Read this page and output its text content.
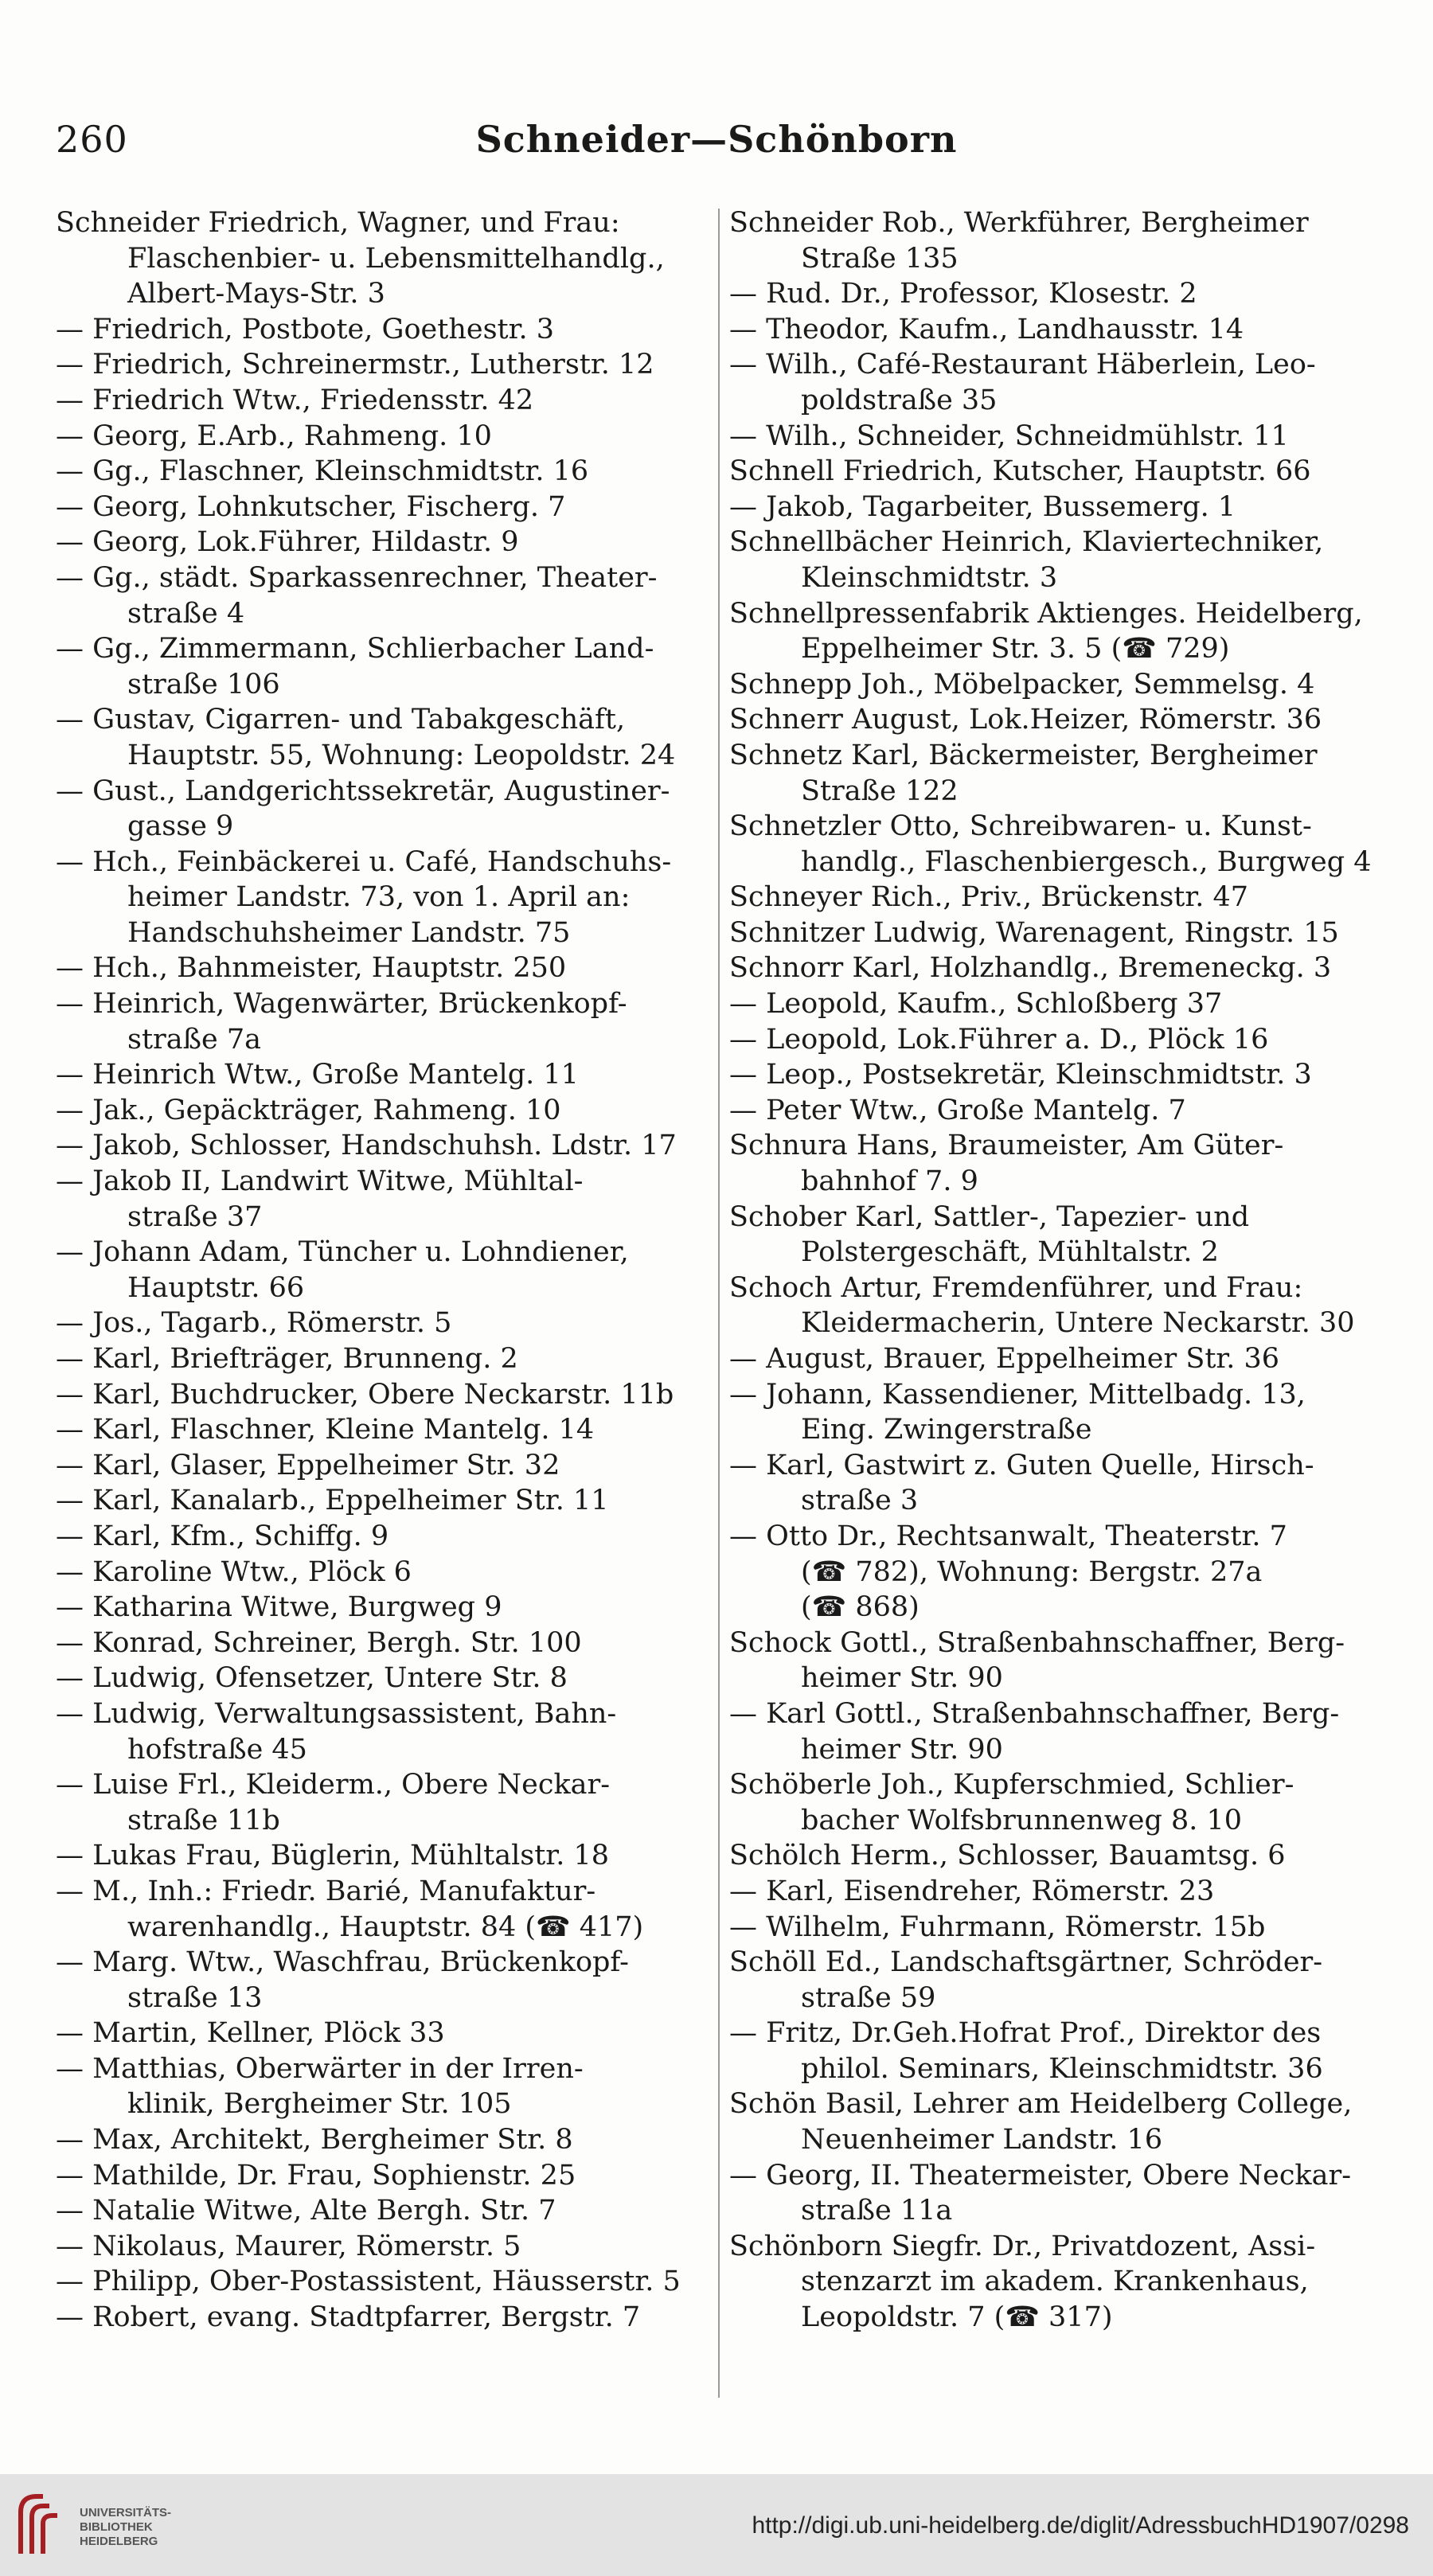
260	Schneider—Schönborn
Schneider Friedrich, Wagner, und Frau:
Flaschenbier- u. Lebensmittelhandlg.,
Albert-Mays-Str. 3
— Friedrich, Postbote, Goethestr. 3
— Friedrich, Schreinermstr., Lutherstr. 12
— Friedrich Wtw., Friedensstr. 42
— Georg, E.Arb., Rahmeng. 10
— Gg., Flaschner, Kleinschmidtstr. 16
— Georg, Lohnkutscher, Fischerg. 7
— Georg, Lok.Führer, Hildastr. 9
— Gg., städt. Sparkassenrechner, Theater-
straße 4
— Gg., Zimmermann, Schlierbacher Land-
straße 106
— Gustav, Cigarren- und Tabakgeschäft,
Hauptstr. 55, Wohnung: Leopoldstr. 24
— Gust., Landgerichtssekretär, Augustiner-
gasse 9
— Hch., Feinbäckerei u. Café, Handschuhs-
heimer Landstr. 73, von 1. April an:
Handschuhsheimer Landstr. 75
— Hch., Bahnmeister, Hauptstr. 250
— Heinrich, Wagenwärter, Brückenkopf-
straße 7a
— Heinrich Wtw., Große Mantelg. 11
— Jak., Gepäckträger, Rahmeng. 10
— Jakob, Schlosser, Handschuhsh. Ldstr. 17
— Jakob II, Landwirt Witwe, Mühltal-
straße 37
— Johann Adam, Tüncher u. Lohndiener,
Hauptstr. 66
— Jos., Tagarb., Römerstr. 5
— Karl, Briefträger, Brunneng. 2
— Karl, Buchdrucker, Obere Neckarstr. 11b
— Karl, Flaschner, Kleine Mantelg. 14
— Karl, Glaser, Eppelheimer Str. 32
— Karl, Kanalarb., Eppelheimer Str. 11
— Karl, Kfm., Schiffg. 9
— Karoline Wtw., Plöck 6
— Katharina Witwe, Burgweg 9
— Konrad, Schreiner, Bergh. Str. 100
— Ludwig, Ofensetzer, Untere Str. 8
— Ludwig, Verwaltungsassistent, Bahn-
hofstraße 45
— Luise Frl., Kleiderm., Obere Neckar-
straße 11b
— Lukas Frau, Büglerin, Mühltalstr. 18
— M., Inh.: Friedr. Barié, Manufaktur-
warenhandlg., Hauptstr. 84 (☎ 417)
— Marg. Wtw., Waschfrau, Brückenkopf-
straße 13
— Martin, Kellner, Plöck 33
— Matthias, Oberwärter in der Irren-
klinik, Bergheimer Str. 105
— Max, Architekt, Bergheimer Str. 8
— Mathilde, Dr. Frau, Sophienstr. 25
— Natalie Witwe, Alte Bergh. Str. 7
— Nikolaus, Maurer, Römerstr. 5
— Philipp, Ober-Postassistent, Häusserstr. 5
— Robert, evang. Stadtpfarrer, Bergstr. 7
Schneider Rob., Werkführer, Bergheimer
Straße 135
— Rud. Dr., Professor, Klosestr. 2
— Theodor, Kaufm., Landhausstr. 14
— Wilh., Café-Restaurant Häberlein, Leo-
poldstraße 35
— Wilh., Schneider, Schneidmühlstr. 11
Schnell Friedrich, Kutscher, Hauptstr. 66
— Jakob, Tagarbeiter, Bussemerg. 1
Schnellbächer Heinrich, Klaviertechniker,
Kleinschmidtstr. 3
Schnellpressenfabrik Aktienges. Heidelberg,
Eppelheimer Str. 3. 5 (☎ 729)
Schnepp Joh., Möbelpacker, Semmelsg. 4
Schnerr August, Lok.Heizer, Römerstr. 36
Schnetz Karl, Bäckermeister, Bergheimer
Straße 122
Schnetzler Otto, Schreibwaren- u. Kunst-
handlg., Flaschenbiergesch., Burgweg 4
Schneyer Rich., Priv., Brückenstr. 47
Schnitzer Ludwig, Warenagent, Ringstr. 15
Schnorr Karl, Holzhandlg., Bremeneckg. 3
— Leopold, Kaufm., Schloßberg 37
— Leopold, Lok.Führer a. D., Plöck 16
— Leop., Postsekretär, Kleinschmidtstr. 3
— Peter Wtw., Große Mantelg. 7
Schnura Hans, Braumeister, Am Güter-
bahnhof 7. 9
Schober Karl, Sattler-, Tapezier- und
Polstergeschäft, Mühltalstr. 2
Schoch Artur, Fremdenführer, und Frau:
Kleidermacherin, Untere Neckarstr. 30
— August, Brauer, Eppelheimer Str. 36
— Johann, Kassendiener, Mittelbadg. 13,
Eing. Zwingerstraße
— Karl, Gastwirt z. Guten Quelle, Hirsch-
straße 3
— Otto Dr., Rechtsanwalt, Theaterstr. 7
(☎ 782), Wohnung: Bergstr. 27a
(☎ 868)
Schock Gottl., Straßenbahnschaffner, Berg-
heimer Str. 90
— Karl Gottl., Straßenbahnschaffner, Berg-
heimer Str. 90
Schöberle Joh., Kupferschmied, Schlier-
bacher Wolfsbrunnenweg 8. 10
Schölch Herm., Schlosser, Bauamtsg. 6
— Karl, Eisendreher, Römerstr. 23
— Wilhelm, Fuhrmann, Römerstr. 15b
Schöll Ed., Landschaftsgärtner, Schröder-
straße 59
— Fritz, Dr.Geh.Hofrat Prof., Direktor des
philol. Seminars, Kleinschmidtstr. 36
Schön Basil, Lehrer am Heidelberg College,
Neuenheimer Landstr. 16
— Georg, II. Theatermeister, Obere Neckar-
straße 11a
Schönborn Siegfr. Dr., Privatdozent, Assi-
stenzarzt im akadem. Krankenhaus,
Leopoldstr. 7 (☎ 317)
UNIVERSITÄTS-
BIBLIOTHEK
HEIDELBERG
http://digi.ub.uni-heidelberg.de/diglit/AdressbuchHD1907/0298
